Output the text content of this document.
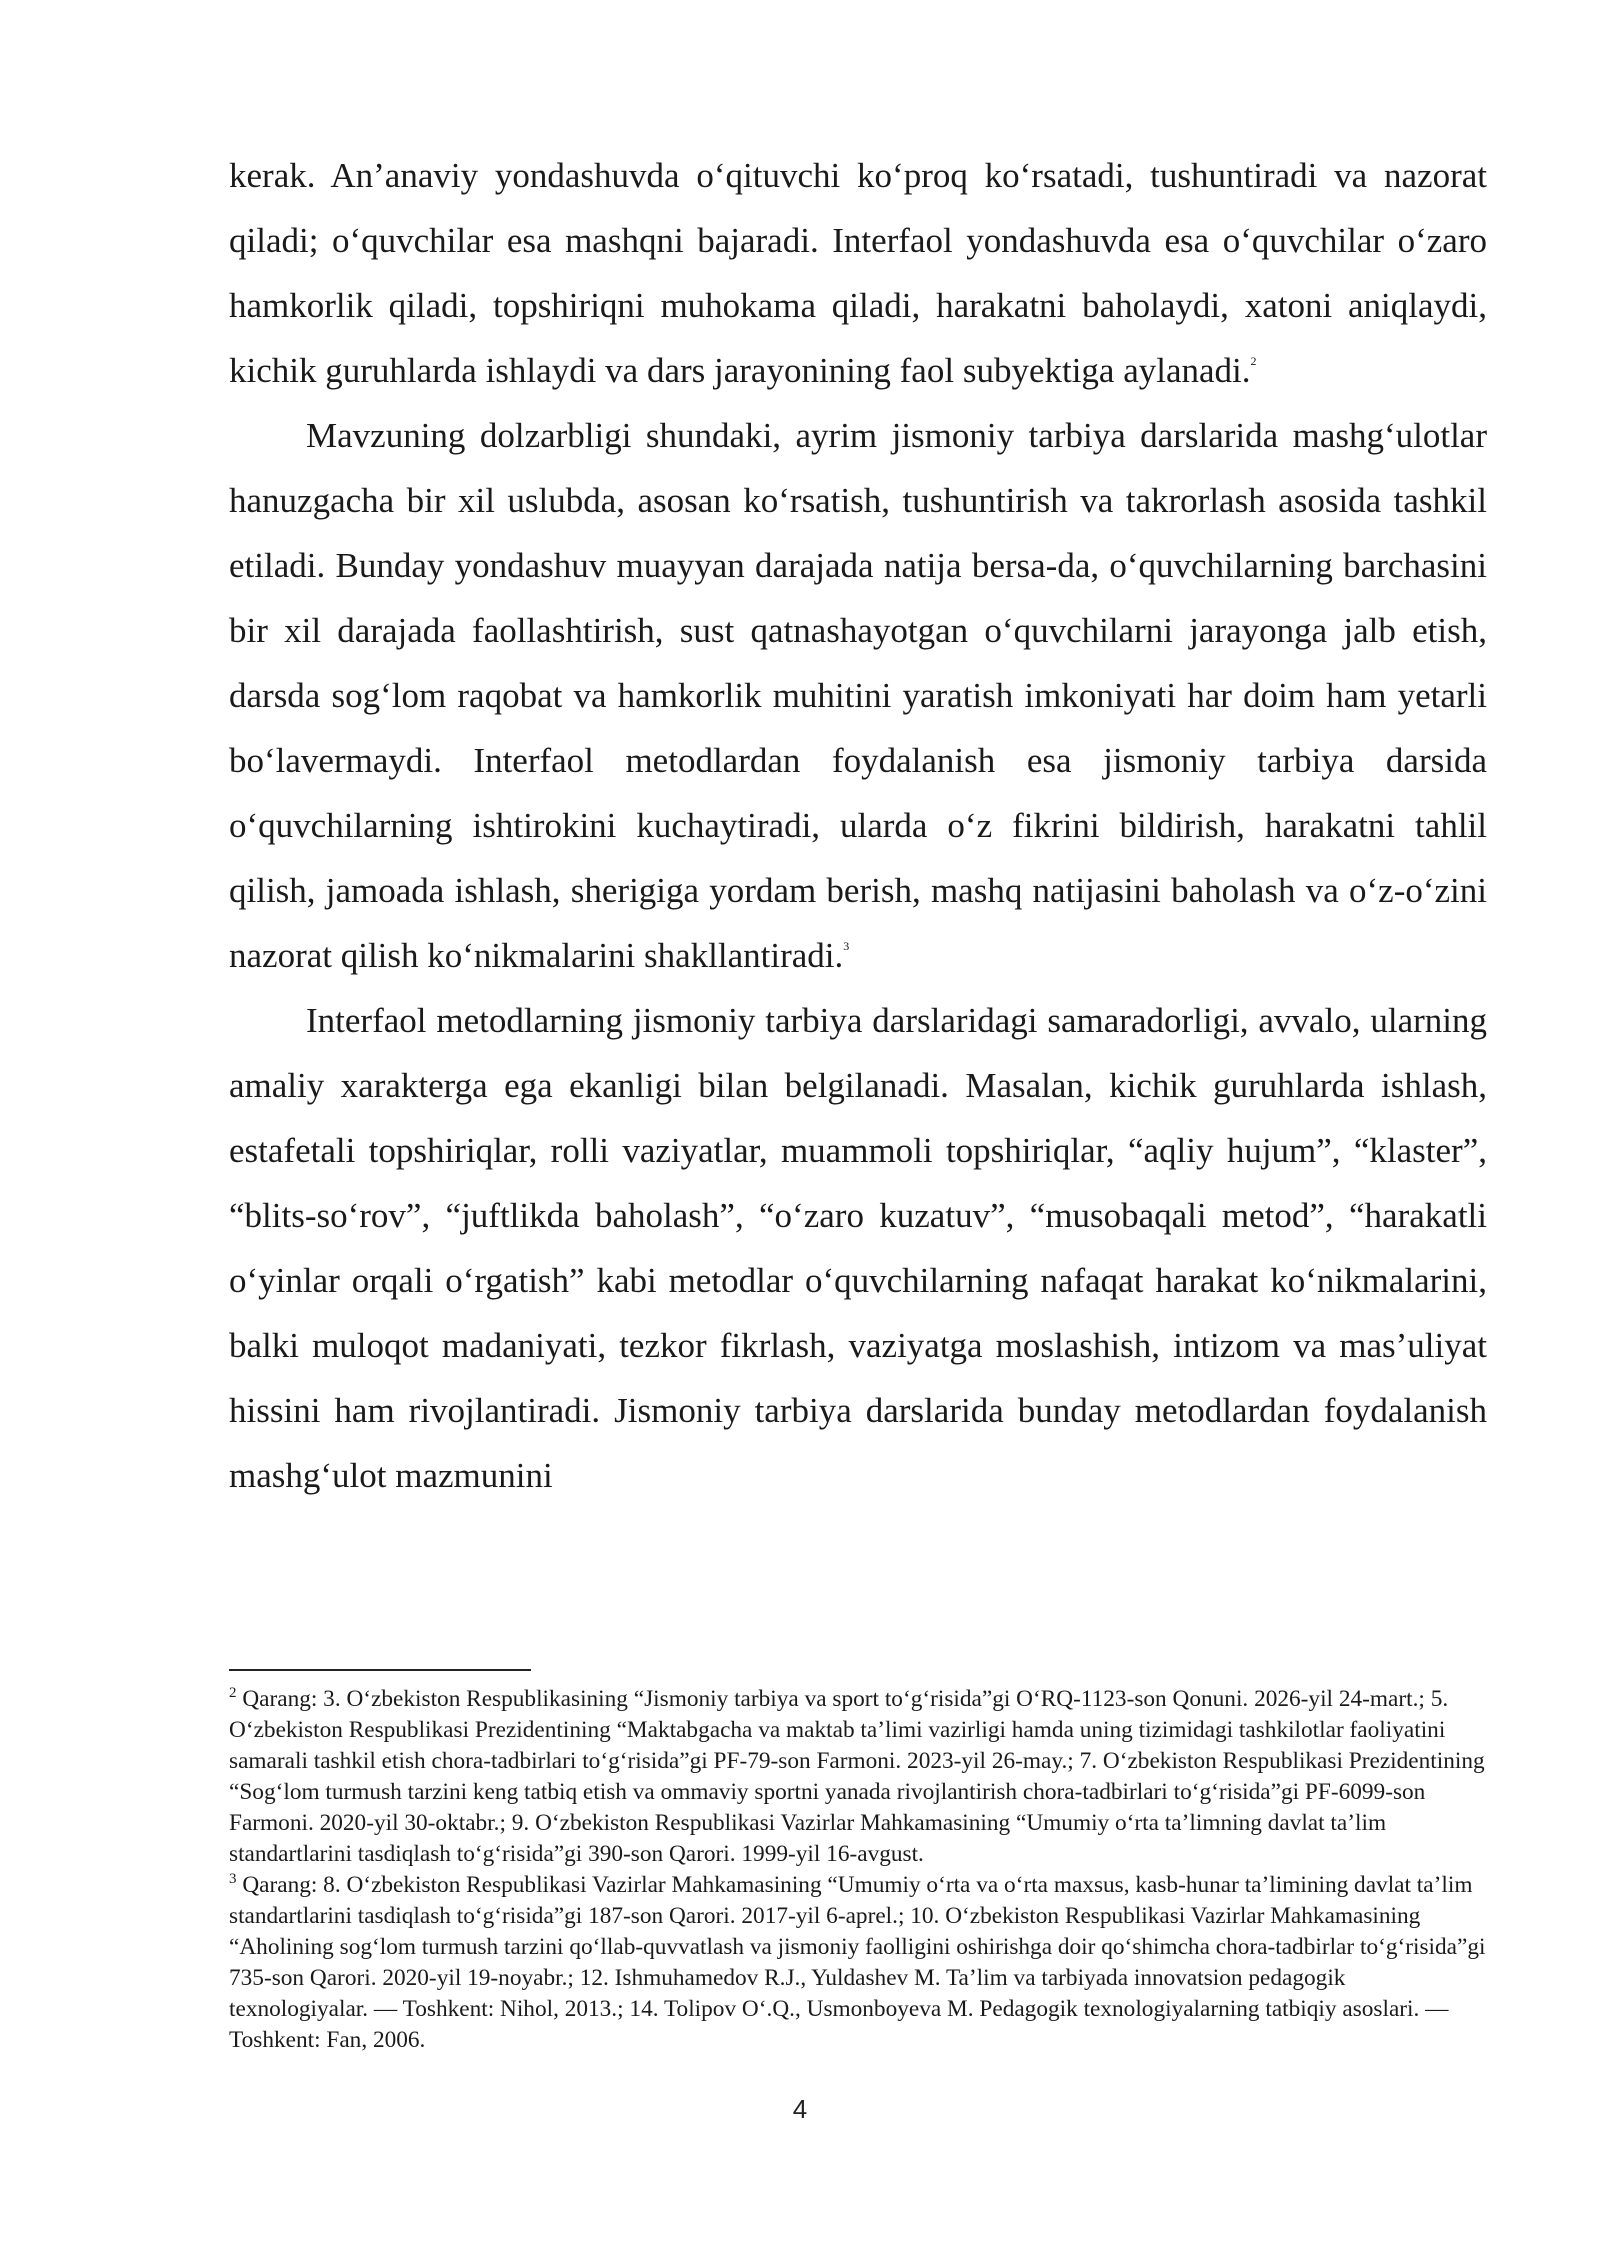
kerak. An’anaviy yondashuvda o‘qituvchi ko‘proq ko‘rsatadi, tushuntiradi va nazorat qiladi; o‘quvchilar esa mashqni bajaradi. Interfaol yondashuvda esa o‘quvchilar o‘zaro hamkorlik qiladi, topshiriqni muhokama qiladi, harakatni baholaydi, xatoni aniqlaydi, kichik guruhlarda ishlaydi va dars jarayonining faol subyektiga aylanadi.$^2$

Mavzuning dolzarbligi shundaki, ayrim jismoniy tarbiya darslarida mashg‘ulotlar hanuzgacha bir xil uslubda, asosan ko‘rsatish, tushuntirish va takrorlash asosida tashkil etiladi. Bunday yondashuv muayyan darajada natija bersa-da, o‘quvchilarning barchasini bir xil darajada faollashtirish, sust qatnashayotgan o‘quvchilarni jarayonga jalb etish, darsda sog‘lom raqobat va hamkorlik muhitini yaratish imkoniyati har doim ham yetarli bo‘lavermaydi. Interfaol metodlardan foydalanish esa jismoniy tarbiya darsida o‘quvchilarning ishtirokini kuchaytiradi, ularda o‘z fikrini bildirish, harakatni tahlil qilish, jamoada ishlash, sherigiga yordam berish, mashq natijasini baholash va o‘z-o‘zini nazorat qilish ko‘nikmalarini shakllantiradi.$^3$

Interfaol metodlarning jismoniy tarbiya darslaridagi samaradorligi, avvalo, ularning amaliy xarakterga ega ekanligi bilan belgilanadi. Masalan, kichik guruhlarda ishlash, estafetali topshiriqlar, rolli vaziyatlar, muammoli topshiriqlar, “aqliy hujum”, “klaster”, “blits-so‘rov”, “juftlikda baholash”, “o‘zaro kuzatuv”, “musobaqali metod”, “harakatli o‘yinlar orqali o‘rgatish” kabi metodlar o‘quvchilarning nafaqat harakat ko‘nikmalarini, balki muloqot madaniyati, tezkor fikrlash, vaziyatga moslashish, intizom va mas’uliyat hissini ham rivojlantiradi. Jismoniy tarbiya darslarida bunday metodlardan foydalanish mashg‘ulot mazmunini

$^2$ Qarang: 3. O‘zbekiston Respublikasining “Jismoniy tarbiya va sport to‘g‘risida”gi O‘RQ-1123-son Qonuni. 2026-yil 24-mart.; 5. O‘zbekiston Respublikasi Prezidentining “Maktabgacha va maktab ta’limi vazirligi hamda uning tizimidagi tashkilotlar faoliyatini samarali tashkil etish chora-tadbirlari to‘g‘risida”gi PF-79-son Farmoni. 2023-yil 26-may.; 7. O‘zbekiston Respublikasi Prezidentining “Sog‘lom turmush tarzini keng tatbiq etish va ommaviy sportni yanada rivojlantirish chora-tadbirlari to‘g‘risida”gi PF-6099-son Farmoni. 2020-yil 30-oktabr.; 9. O‘zbekiston Respublikasi Vazirlar Mahkamasining “Umumiy o‘rta ta’limning davlat ta’lim standartlarini tasdiqlash to‘g‘risida”gi 390-son Qarori. 1999-yil 16-avgust.

$^3$ Qarang: 8. O‘zbekiston Respublikasi Vazirlar Mahkamasining “Umumiy o‘rta va o‘rta maxsus, kasb-hunar ta’limining davlat ta’lim standartlarini tasdiqlash to‘g‘risida”gi 187-son Qarori. 2017-yil 6-aprel.; 10. O‘zbekiston Respublikasi Vazirlar Mahkamasining “Aholining sog‘lom turmush tarzini qo‘llab-quvvatlash va jismoniy faolligini oshirishga doir qo‘shimcha chora-tadbirlar to‘g‘risida”gi 735-son Qarori. 2020-yil 19-noyabr.; 12. Ishmuhamedov R.J., Yuldashev M. Ta’lim va tarbiyada innovatsion pedagogik texnologiyalar. — Toshkent: Nihol, 2013.; 14. Tolipov O‘.Q., Usmonboyeva M. Pedagogik texnologiyalarning tatbiqiy asoslari. — Toshkent: Fan, 2006.

4
